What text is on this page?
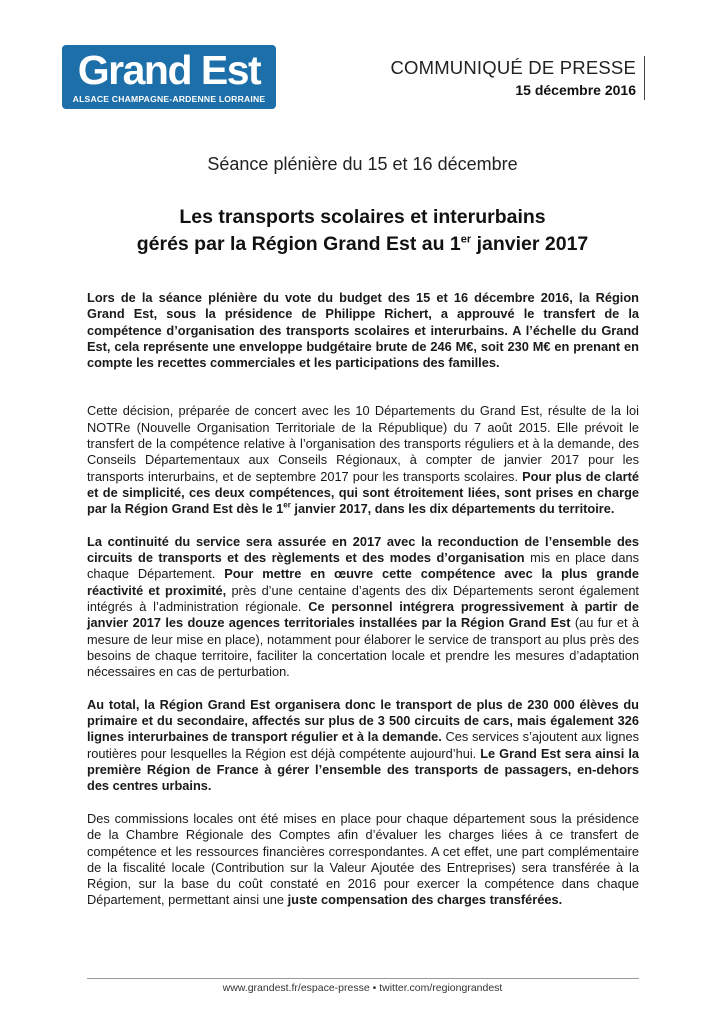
Grand Est
ALSACE CHAMPAGNE-ARDENNE LORRAINE
COMMUNIQUÉ DE PRESSE
15 décembre 2016
Séance plénière du 15 et 16 décembre
Les transports scolaires et interurbains
gérés par la Région Grand Est au 1er janvier 2017

Lors de la séance plénière du vote du budget des 15 et 16 décembre 2016, la Région Grand Est, sous la présidence de Philippe Richert, a approuvé le transfert de la compétence d’organisation des transports scolaires et interurbains. A l’échelle du Grand Est, cela représente une enveloppe budgétaire brute de 246 M€, soit 230 M€ en prenant en compte les recettes commerciales et les participations des familles.

Cette décision, préparée de concert avec les 10 Départements du Grand Est, résulte de la loi NOTRe (Nouvelle Organisation Territoriale de la République) du 7 août 2015. Elle prévoit le transfert de la compétence relative à l’organisation des transports réguliers et à la demande, des Conseils Départementaux aux Conseils Régionaux, à compter de janvier 2017 pour les transports interurbains, et de septembre 2017 pour les transports scolaires. Pour plus de clarté et de simplicité, ces deux compétences, qui sont étroitement liées, sont prises en charge par la Région Grand Est dès le 1er janvier 2017, dans les dix départements du territoire.

La continuité du service sera assurée en 2017 avec la reconduction de l’ensemble des circuits de transports et des règlements et des modes d’organisation mis en place dans chaque Département. Pour mettre en œuvre cette compétence avec la plus grande réactivité et proximité, près d’une centaine d’agents des dix Départements seront également intégrés à l’administration régionale. Ce personnel intégrera progressivement à partir de janvier 2017 les douze agences territoriales installées par la Région Grand Est (au fur et à mesure de leur mise en place), notamment pour élaborer le service de transport au plus près des besoins de chaque territoire, faciliter la concertation locale et prendre les mesures d’adaptation nécessaires en cas de perturbation.

Au total, la Région Grand Est organisera donc le transport de plus de 230 000 élèves du primaire et du secondaire, affectés sur plus de 3 500 circuits de cars, mais également 326 lignes interurbaines de transport régulier et à la demande. Ces services s’ajoutent aux lignes routières pour lesquelles la Région est déjà compétente aujourd’hui. Le Grand Est sera ainsi la première Région de France à gérer l’ensemble des transports de passagers, en-dehors des centres urbains.

Des commissions locales ont été mises en place pour chaque département sous la présidence de la Chambre Régionale des Comptes afin d’évaluer les charges liées à ce transfert de compétence et les ressources financières correspondantes. A cet effet, une part complémentaire de la fiscalité locale (Contribution sur la Valeur Ajoutée des Entreprises) sera transférée à la Région, sur la base du coût constaté en 2016 pour exercer la compétence dans chaque Département, permettant ainsi une juste compensation des charges transférées.

www.grandest.fr/espace-presse • twitter.com/regiongrandest
